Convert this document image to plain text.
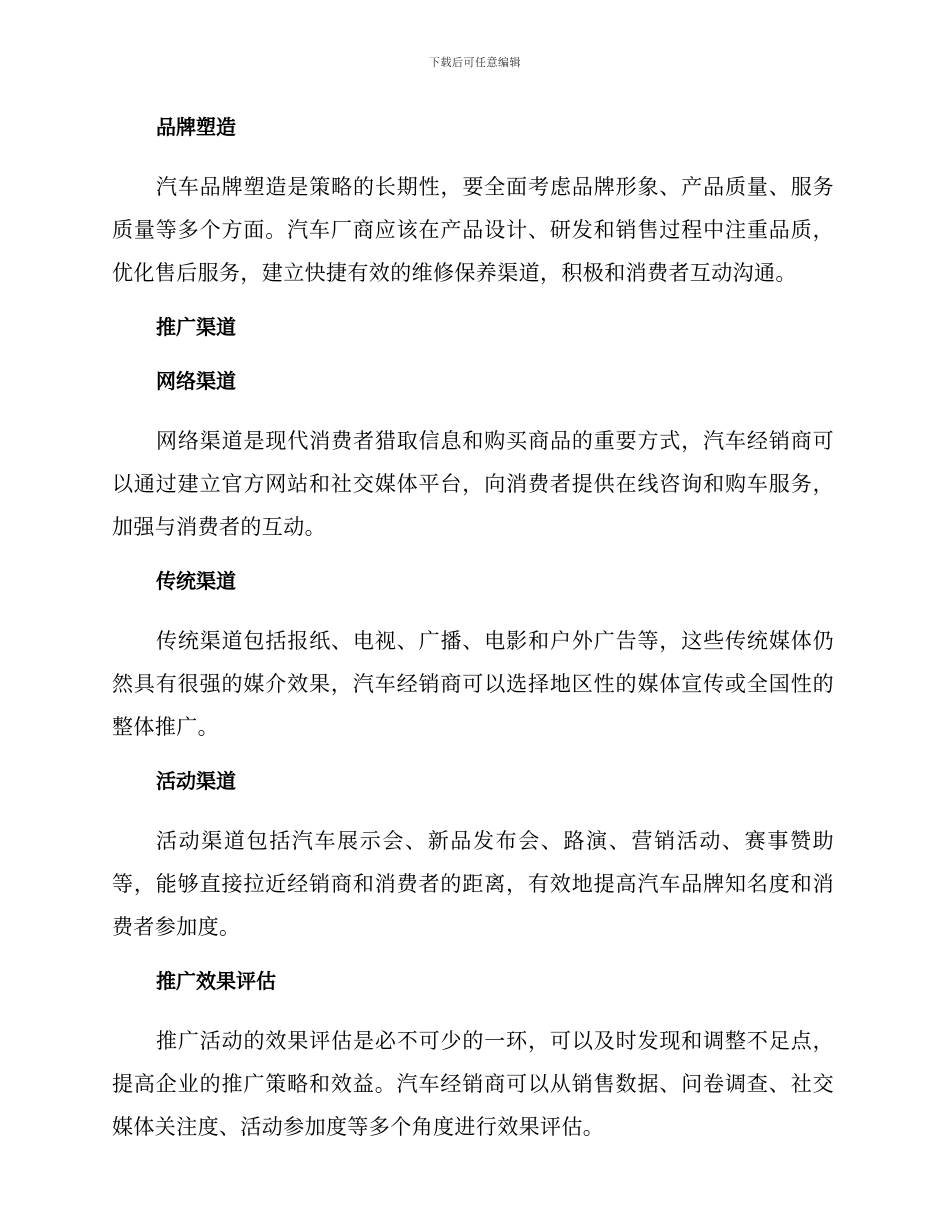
下载后可任意编辑
品牌塑造

汽车品牌塑造是策略的长期性，要全面考虑品牌形象、产品质量、服务质量等多个方面。汽车厂商应该在产品设计、研发和销售过程中注重品质，优化售后服务，建立快捷有效的维修保养渠道，积极和消费者互动沟通。

推广渠道
网络渠道

网络渠道是现代消费者猎取信息和购买商品的重要方式，汽车经销商可以通过建立官方网站和社交媒体平台，向消费者提供在线咨询和购车服务，加强与消费者的互动。

传统渠道

传统渠道包括报纸、电视、广播、电影和户外广告等，这些传统媒体仍然具有很强的媒介效果，汽车经销商可以选择地区性的媒体宣传或全国性的整体推广。

活动渠道

活动渠道包括汽车展示会、新品发布会、路演、营销活动、赛事赞助等，能够直接拉近经销商和消费者的距离，有效地提高汽车品牌知名度和消费者参加度。

推广效果评估

推广活动的效果评估是必不可少的一环，可以及时发现和调整不足点，提高企业的推广策略和效益。汽车经销商可以从销售数据、问卷调查、社交媒体关注度、活动参加度等多个角度进行效果评估。
